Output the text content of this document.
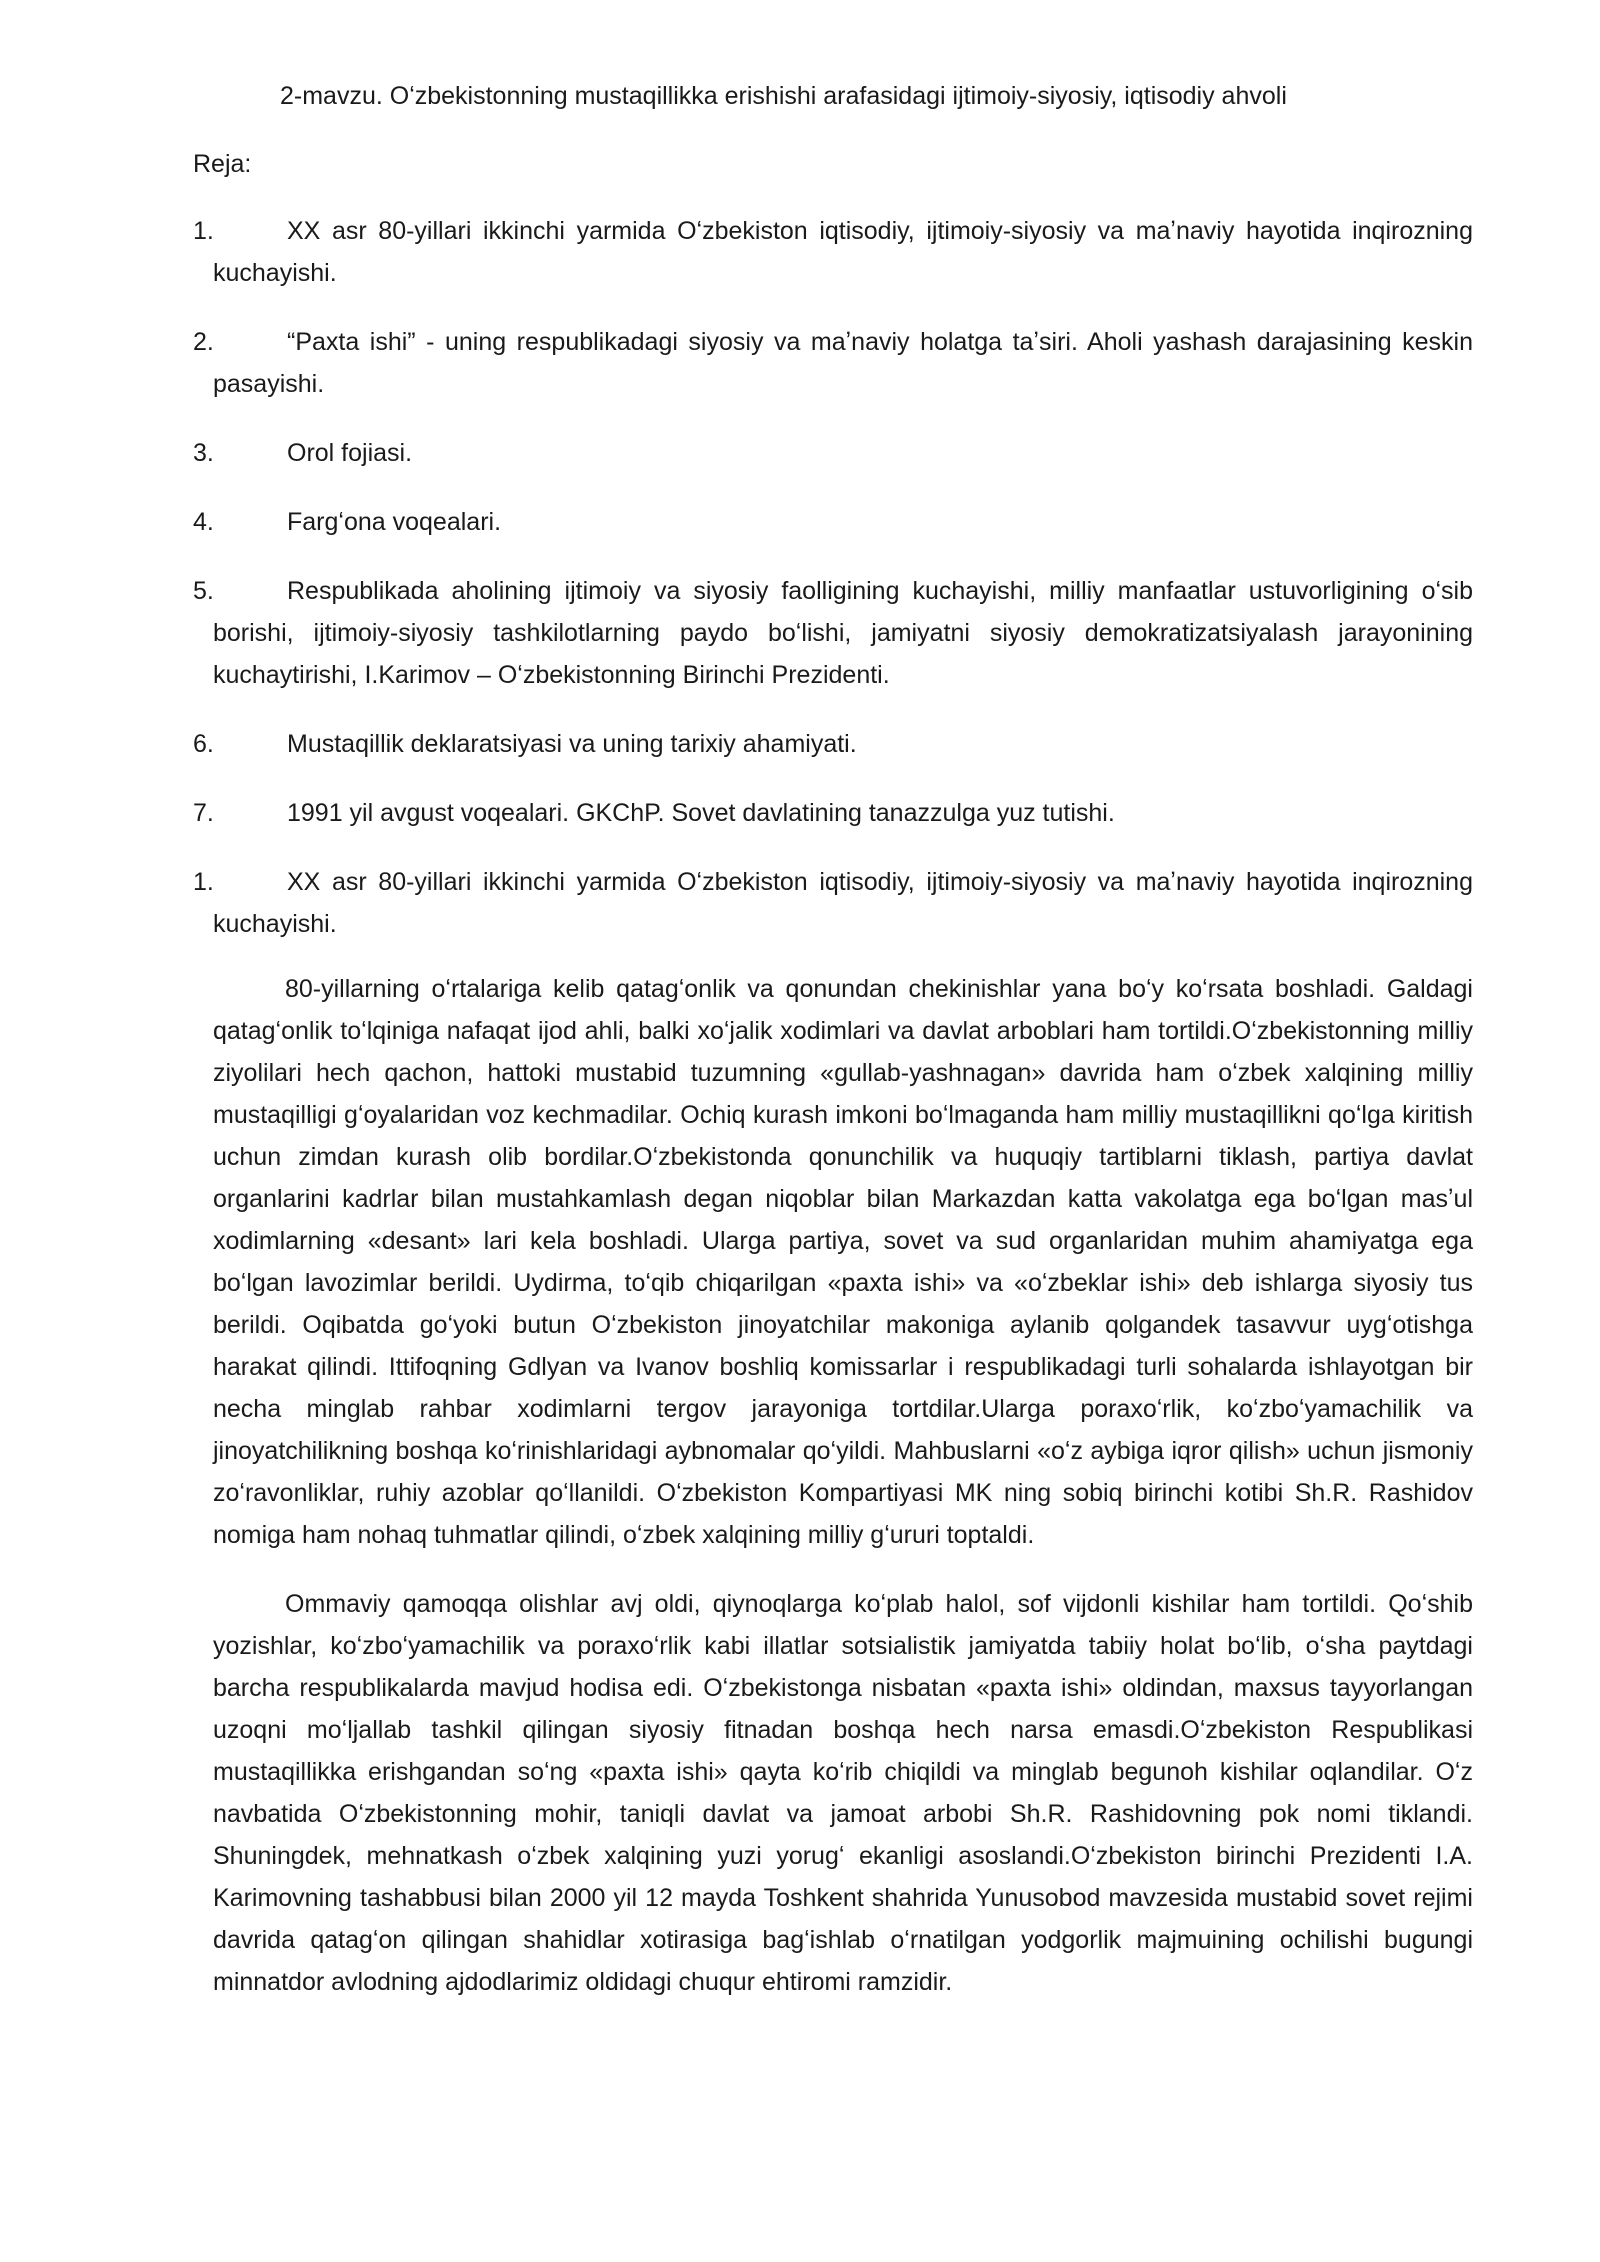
2-mavzu. Oʻzbekistonning mustaqillikka erishishi arafasidagi ijtimoiy-siyosiy, iqtisodiy ahvoli
Reja:
1.	XX asr 80-yillari ikkinchi yarmida Oʻzbekiston iqtisodiy, ijtimoiy-siyosiy va maʼnaviy hayotida inqirozning kuchayishi.
2.	“Paxta ishi” - uning respublikadagi siyosiy va maʼnaviy holatga taʼsiri. Aholi yashash darajasining keskin pasayishi.
3.	Orol fojiasi.
4.	Fargʻona voqealari.
5.	Respublikada aholining ijtimoiy va siyosiy faolligining kuchayishi, milliy manfaatlar ustuvorligining oʻsib borishi, ijtimoiy-siyosiy tashkilotlarning paydo boʻlishi, jamiyatni siyosiy demokratizatsiyalash jarayonining kuchaytirishi, I.Karimov – Oʻzbekistonning Birinchi Prezidenti.
6.	Mustaqillik deklaratsiyasi va uning tarixiy ahamiyati.
7.	1991 yil avgust voqealari. GKChP. Sovet davlatining tanazzulga yuz tutishi.
1.	XX asr 80-yillari ikkinchi yarmida Oʻzbekiston iqtisodiy, ijtimoiy-siyosiy va maʼnaviy hayotida inqirozning kuchayishi.

80-yillarning oʻrtalariga kelib qatagʻonlik va qonundan chekinishlar yana boʻy koʻrsata boshladi. Galdagi qatagʻonlik toʻlqiniga nafaqat ijod ahli, balki xoʻjalik xodimlari va davlat arboblari ham tortildi.Oʻzbekistonning milliy ziyolilari hech qachon, hattoki mustabid tuzumning «gullab-yashnagan» davrida ham oʻzbek xalqining milliy mustaqilligi gʻoyalaridan voz kechmadilar. Ochiq kurash imkoni boʻlmaganda ham milliy mustaqillikni qoʻlga kiritish uchun zimdan kurash olib bordilar.Oʻzbekistonda qonunchilik va huquqiy tartiblarni tiklash, partiya davlat organlarini kadrlar bilan mustahkamlash degan niqoblar bilan Markazdan katta vakolatga ega boʻlgan masʼul xodimlarning «desant» lari kela boshladi. Ularga partiya, sovet va sud organlaridan muhim ahamiyatga ega boʻlgan lavozimlar berildi. Uydirma, toʻqib chiqarilgan «paxta ishi» va «oʻzbeklar ishi» deb ishlarga siyosiy tus berildi. Oqibatda goʻyoki butun Oʻzbekiston jinoyatchilar makoniga aylanib qolgandek tasavvur uygʻotishga harakat qilindi. Ittifoqning Gdlyan va Ivanov boshliq komissarlar i respublikadagi turli sohalarda ishlayotgan bir necha minglab rahbar xodimlarni tergov jarayoniga tortdilar.Ularga poraxoʻrlik, koʻzboʻyamachilik va jinoyatchilikning boshqa koʻrinishlaridagi aybnomalar qoʻyildi. Mahbuslarni «oʻz aybiga iqror qilish» uchun jismoniy zoʻravonliklar, ruhiy azoblar qoʻllanildi. Oʻzbekiston Kompartiyasi MK ning sobiq birinchi kotibi Sh.R. Rashidov nomiga ham nohaq tuhmatlar qilindi, oʻzbek xalqining milliy gʻururi toptaldi.

Ommaviy qamoqqa olishlar avj oldi, qiynoqlarga koʻplab halol, sof vijdonli kishilar ham tortildi. Qoʻshib yozishlar, koʻzboʻyamachilik va poraxoʻrlik kabi illatlar sotsialistik jamiyatda tabiiy holat boʻlib, oʻsha paytdagi barcha respublikalarda mavjud hodisa edi. Oʻzbekistonga nisbatan «paxta ishi» oldindan, maxsus tayyorlangan uzoqni moʻljallab tashkil qilingan siyosiy fitnadan boshqa hech narsa emasdi.Oʻzbekiston Respublikasi mustaqillikka erishgandan soʻng «paxta ishi» qayta koʻrib chiqildi va minglab begunoh kishilar oqlandilar. Oʻz navbatida Oʻzbekistonning mohir, taniqli davlat va jamoat arbobi Sh.R. Rashidovning pok nomi tiklandi. Shuningdek, mehnatkash oʻzbek xalqining yuzi yorugʻ ekanligi asoslandi.Oʻzbekiston birinchi Prezidenti I.A. Karimovning tashabbusi bilan 2000 yil 12 mayda Toshkent shahrida Yunusobod mavzesida mustabid sovet rejimi davrida qatagʻon qilingan shahidlar xotirasiga bagʻishlab oʻrnatilgan yodgorlik majmuining ochilishi bugungi minnatdor avlodning ajdodlarimiz oldidagi chuqur ehtiromi ramzidir.
